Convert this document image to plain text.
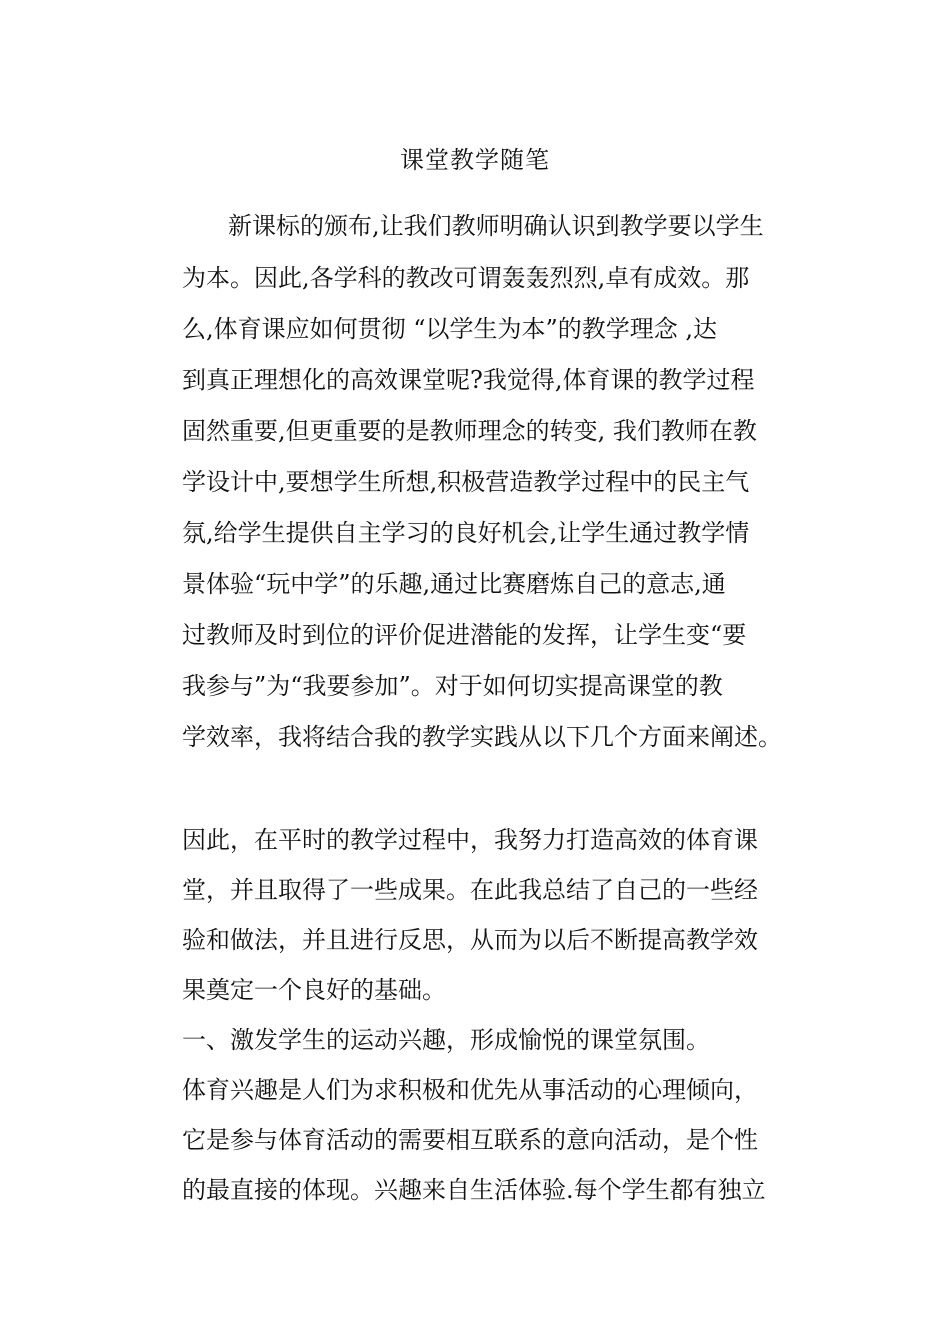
课堂教学随笔
新课标的颁布,让我们教师明确认识到教学要以学生
为本。因此,各学科的教改可谓轰轰烈烈,卓有成效。那
么,体育课应如何贯彻 “以学生为本”的教学理念 ,达
到真正理想化的高效课堂呢?我觉得,体育课的教学过程
固然重要,但更重要的是教师理念的转变, 我们教师在教
学设计中,要想学生所想,积极营造教学过程中的民主气
氛,给学生提供自主学习的良好机会,让学生通过教学情
景体验“玩中学”的乐趣,通过比赛磨炼自己的意志,通
过教师及时到位的评价促进潜能的发挥，让学生变“要
我参与”为“我要参加”。对于如何切实提高课堂的教
学效率，我将结合我的教学实践从以下几个方面来阐述。
因此，在平时的教学过程中，我努力打造高效的体育课
堂，并且取得了一些成果。在此我总结了自己的一些经
验和做法，并且进行反思，从而为以后不断提高教学效
果奠定一个良好的基础。
一、激发学生的运动兴趣，形成愉悦的课堂氛围。
体育兴趣是人们为求积极和优先从事活动的心理倾向，
它是参与体育活动的需要相互联系的意向活动，是个性
的最直接的体现。兴趣来自生活体验.每个学生都有独立
